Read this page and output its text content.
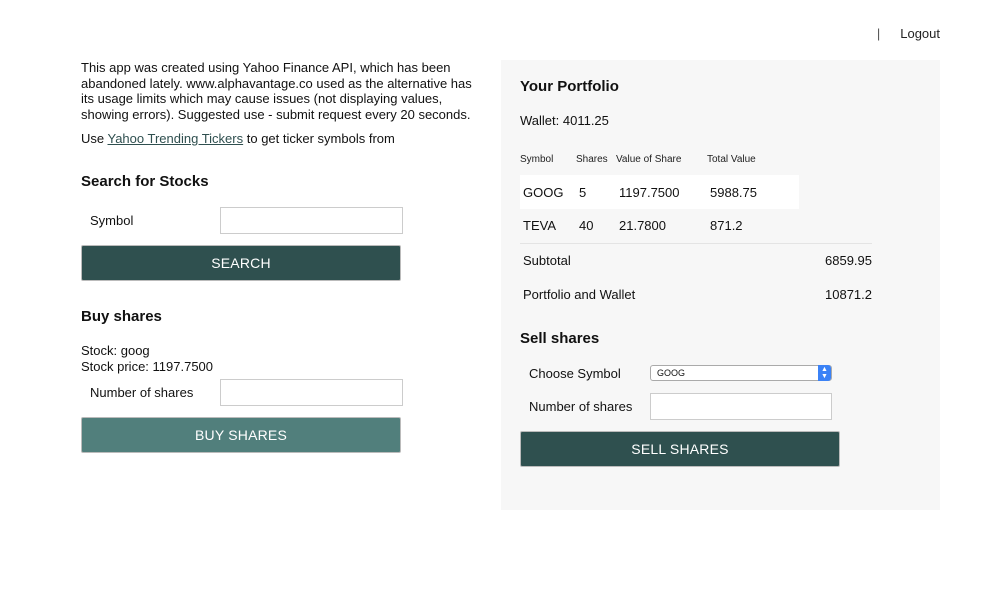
| Logout

This app was created using Yahoo Finance API, which has been abandoned lately. www.alphavantage.co used as the alternative has its usage limits which may cause issues (not displaying values, showing errors). Suggested use - submit request every 20 seconds.

Use Yahoo Trending Tickers to get ticker symbols from

Search for Stocks
Symbol
SEARCH
Buy shares
Stock: goog
Stock price: 1197.7500
Number of shares
BUY SHARES
Your Portfolio
Wallet: 4011.25
Symbol	Shares	Value of Share	Total Value	
GOOG	5	1197.7500	5988.75	
TEVA	40	21.7800	871.2	
Subtotal				6859.95
Portfolio and Wallet				10871.2
Sell shares
Choose Symbol	GOOG	▲
▼
Number of shares
SELL SHARES
